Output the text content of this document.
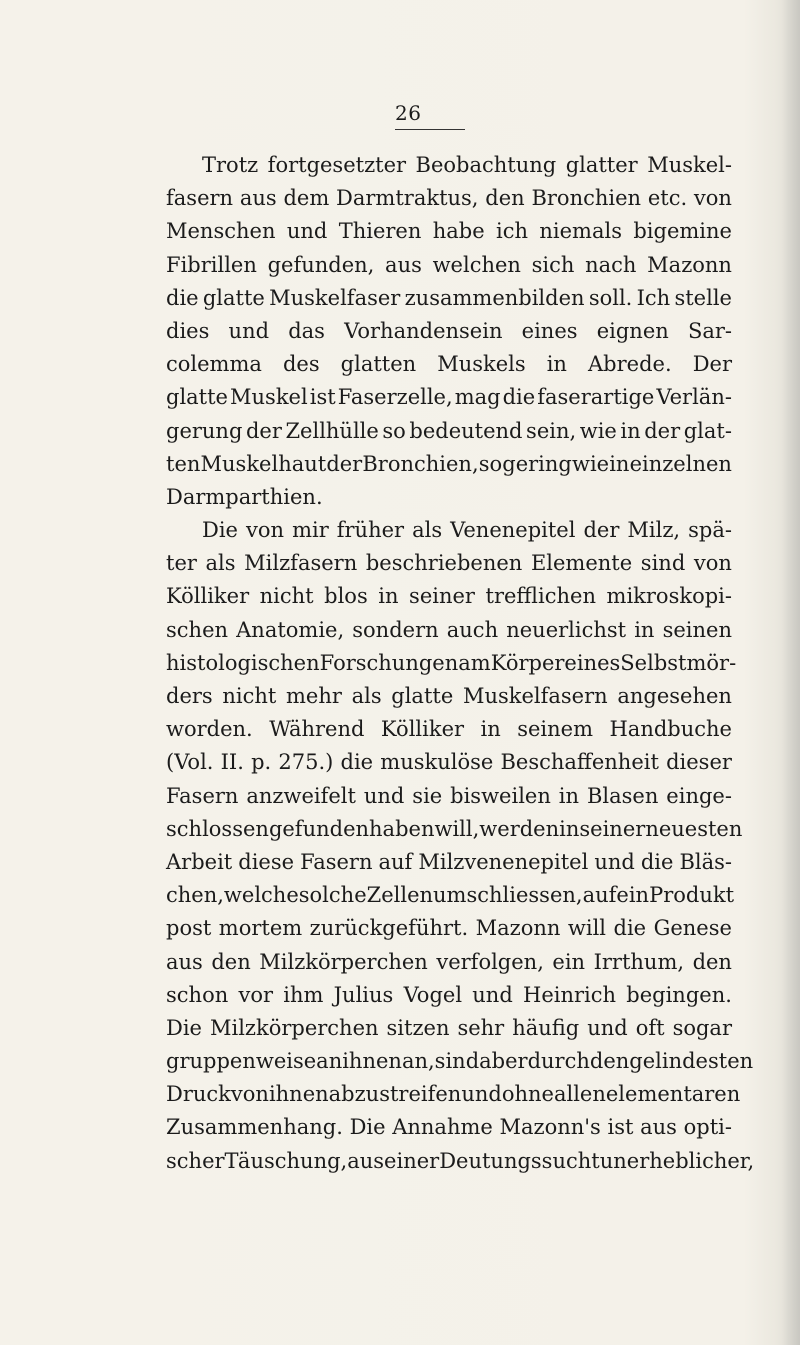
26
Trotz fortgesetzter Beobachtung glatter Muskel-
fasern aus dem Darmtraktus, den Bronchien etc. von
Menschen und Thieren habe ich niemals bigemine
Fibrillen gefunden, aus welchen sich nach Mazonn
die glatte Muskelfaser zusammenbilden soll. Ich stelle
dies und das Vorhandensein eines eignen Sar-
colemma des glatten Muskels in Abrede. Der
glatte Muskel ist Faserzelle, mag die faserartige Verlän-
gerung der Zellhülle so bedeutend sein, wie in der glat-
ten Muskelhaut der Bronchien, so gering wie in einzelnen
Darmparthien.
Die von mir früher als Venenepitel der Milz, spä-
ter als Milzfasern beschriebenen Elemente sind von
Kölliker nicht blos in seiner trefflichen mikroskopi-
schen Anatomie, sondern auch neuerlichst in seinen
histologischen Forschungen am Körper eines Selbstmör-
ders nicht mehr als glatte Muskelfasern angesehen
worden. Während Kölliker in seinem Handbuche
(Vol. II. p. 275.) die muskulöse Beschaffenheit dieser
Fasern anzweifelt und sie bisweilen in Blasen einge-
schlossen gefunden haben will, werden in seiner neuesten
Arbeit diese Fasern auf Milzvenenepitel und die Bläs-
chen, welche solche Zellen umschliessen, auf ein Produkt
post mortem zurückgeführt. Mazonn will die Genese
aus den Milzkörperchen verfolgen, ein Irrthum, den
schon vor ihm Julius Vogel und Heinrich begingen.
Die Milzkörperchen sitzen sehr häufig und oft sogar
gruppenweise an ihnen an, sind aber durch den gelindesten
Druck von ihnen abzustreifen und ohne allen elementaren
Zusammenhang. Die Annahme Mazonn's ist aus opti-
scher Täuschung, aus einer Deutungssucht unerheblicher,
